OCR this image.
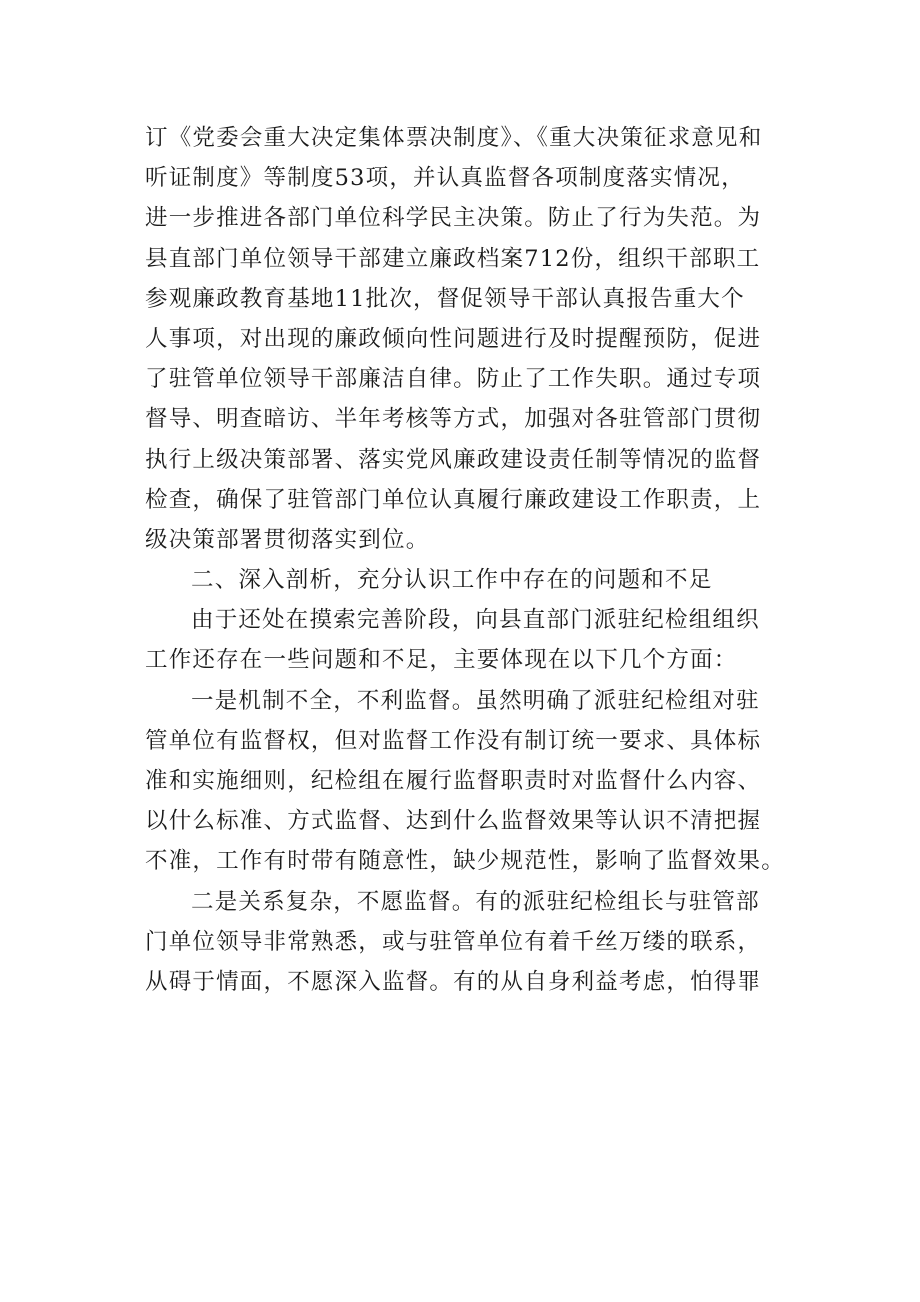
订《党委会重大决定集体票决制度》、《重大决策征求意见和
听证制度》等制度53项，并认真监督各项制度落实情况，
进一步推进各部门单位科学民主决策。防止了行为失范。为
县直部门单位领导干部建立廉政档案712份，组织干部职工
参观廉政教育基地11批次，督促领导干部认真报告重大个
人事项，对出现的廉政倾向性问题进行及时提醒预防，促进
了驻管单位领导干部廉洁自律。防止了工作失职。通过专项
督导、明查暗访、半年考核等方式，加强对各驻管部门贯彻
执行上级决策部署、落实党风廉政建设责任制等情况的监督
检查，确保了驻管部门单位认真履行廉政建设工作职责，上
级决策部署贯彻落实到位。
二、深入剖析，充分认识工作中存在的问题和不足
由于还处在摸索完善阶段，向县直部门派驻纪检组组织
工作还存在一些问题和不足，主要体现在以下几个方面：
一是机制不全，不利监督。虽然明确了派驻纪检组对驻
管单位有监督权，但对监督工作没有制订统一要求、具体标
准和实施细则，纪检组在履行监督职责时对监督什么内容、
以什么标准、方式监督、达到什么监督效果等认识不清把握
不准，工作有时带有随意性，缺少规范性，影响了监督效果。
二是关系复杂，不愿监督。有的派驻纪检组长与驻管部
门单位领导非常熟悉，或与驻管单位有着千丝万缕的联系，
从碍于情面，不愿深入监督。有的从自身利益考虑，怕得罪
